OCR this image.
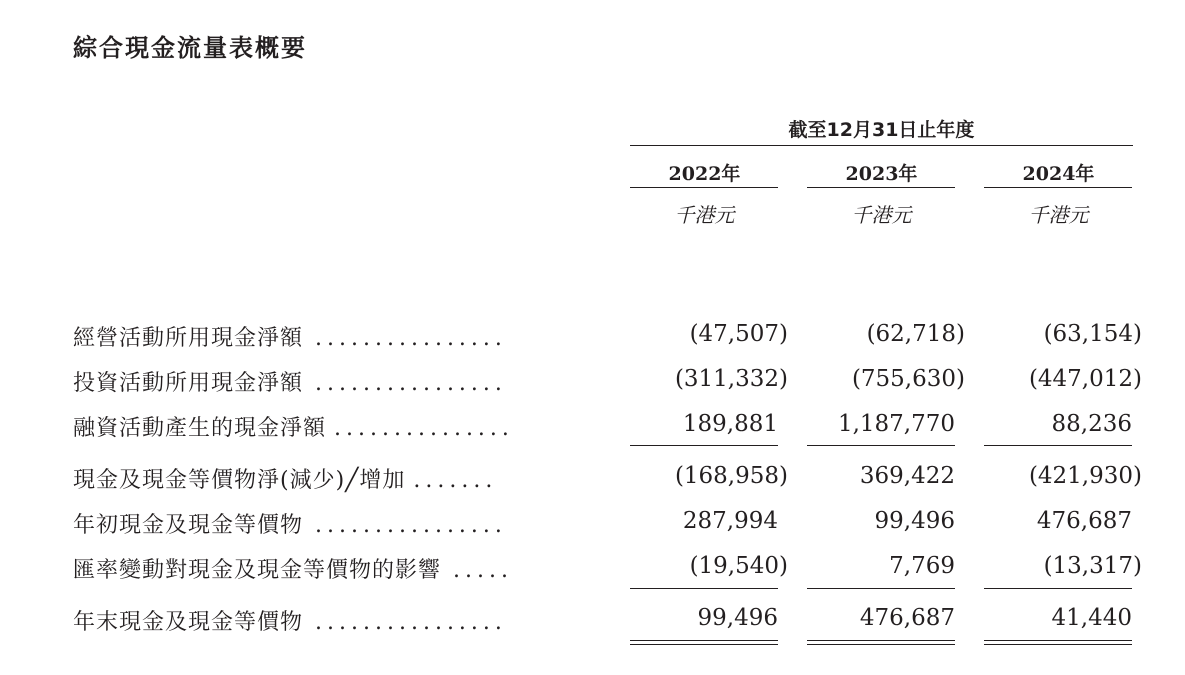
綜合現金流量表概要
截至12月31日止年度
2022年	2023年	2024年
千港元	千港元	千港元
經營活動所用現金淨額 ................	(47,507)	(62,718)	(63,154)
投資活動所用現金淨額 ................	(311,332)	(755,630)	(447,012)
融資活動產生的現金淨額 ...............	189,881	1,187,770	88,236
現金及現金等價物淨(減少)╱增加 .......	(168,958)	369,422	(421,930)
年初現金及現金等價物 ................	287,994	99,496	476,687
匯率變動對現金及現金等價物的影響 .....	(19,540)	7,769	(13,317)
年末現金及現金等價物 ................	99,496	476,687	41,440
